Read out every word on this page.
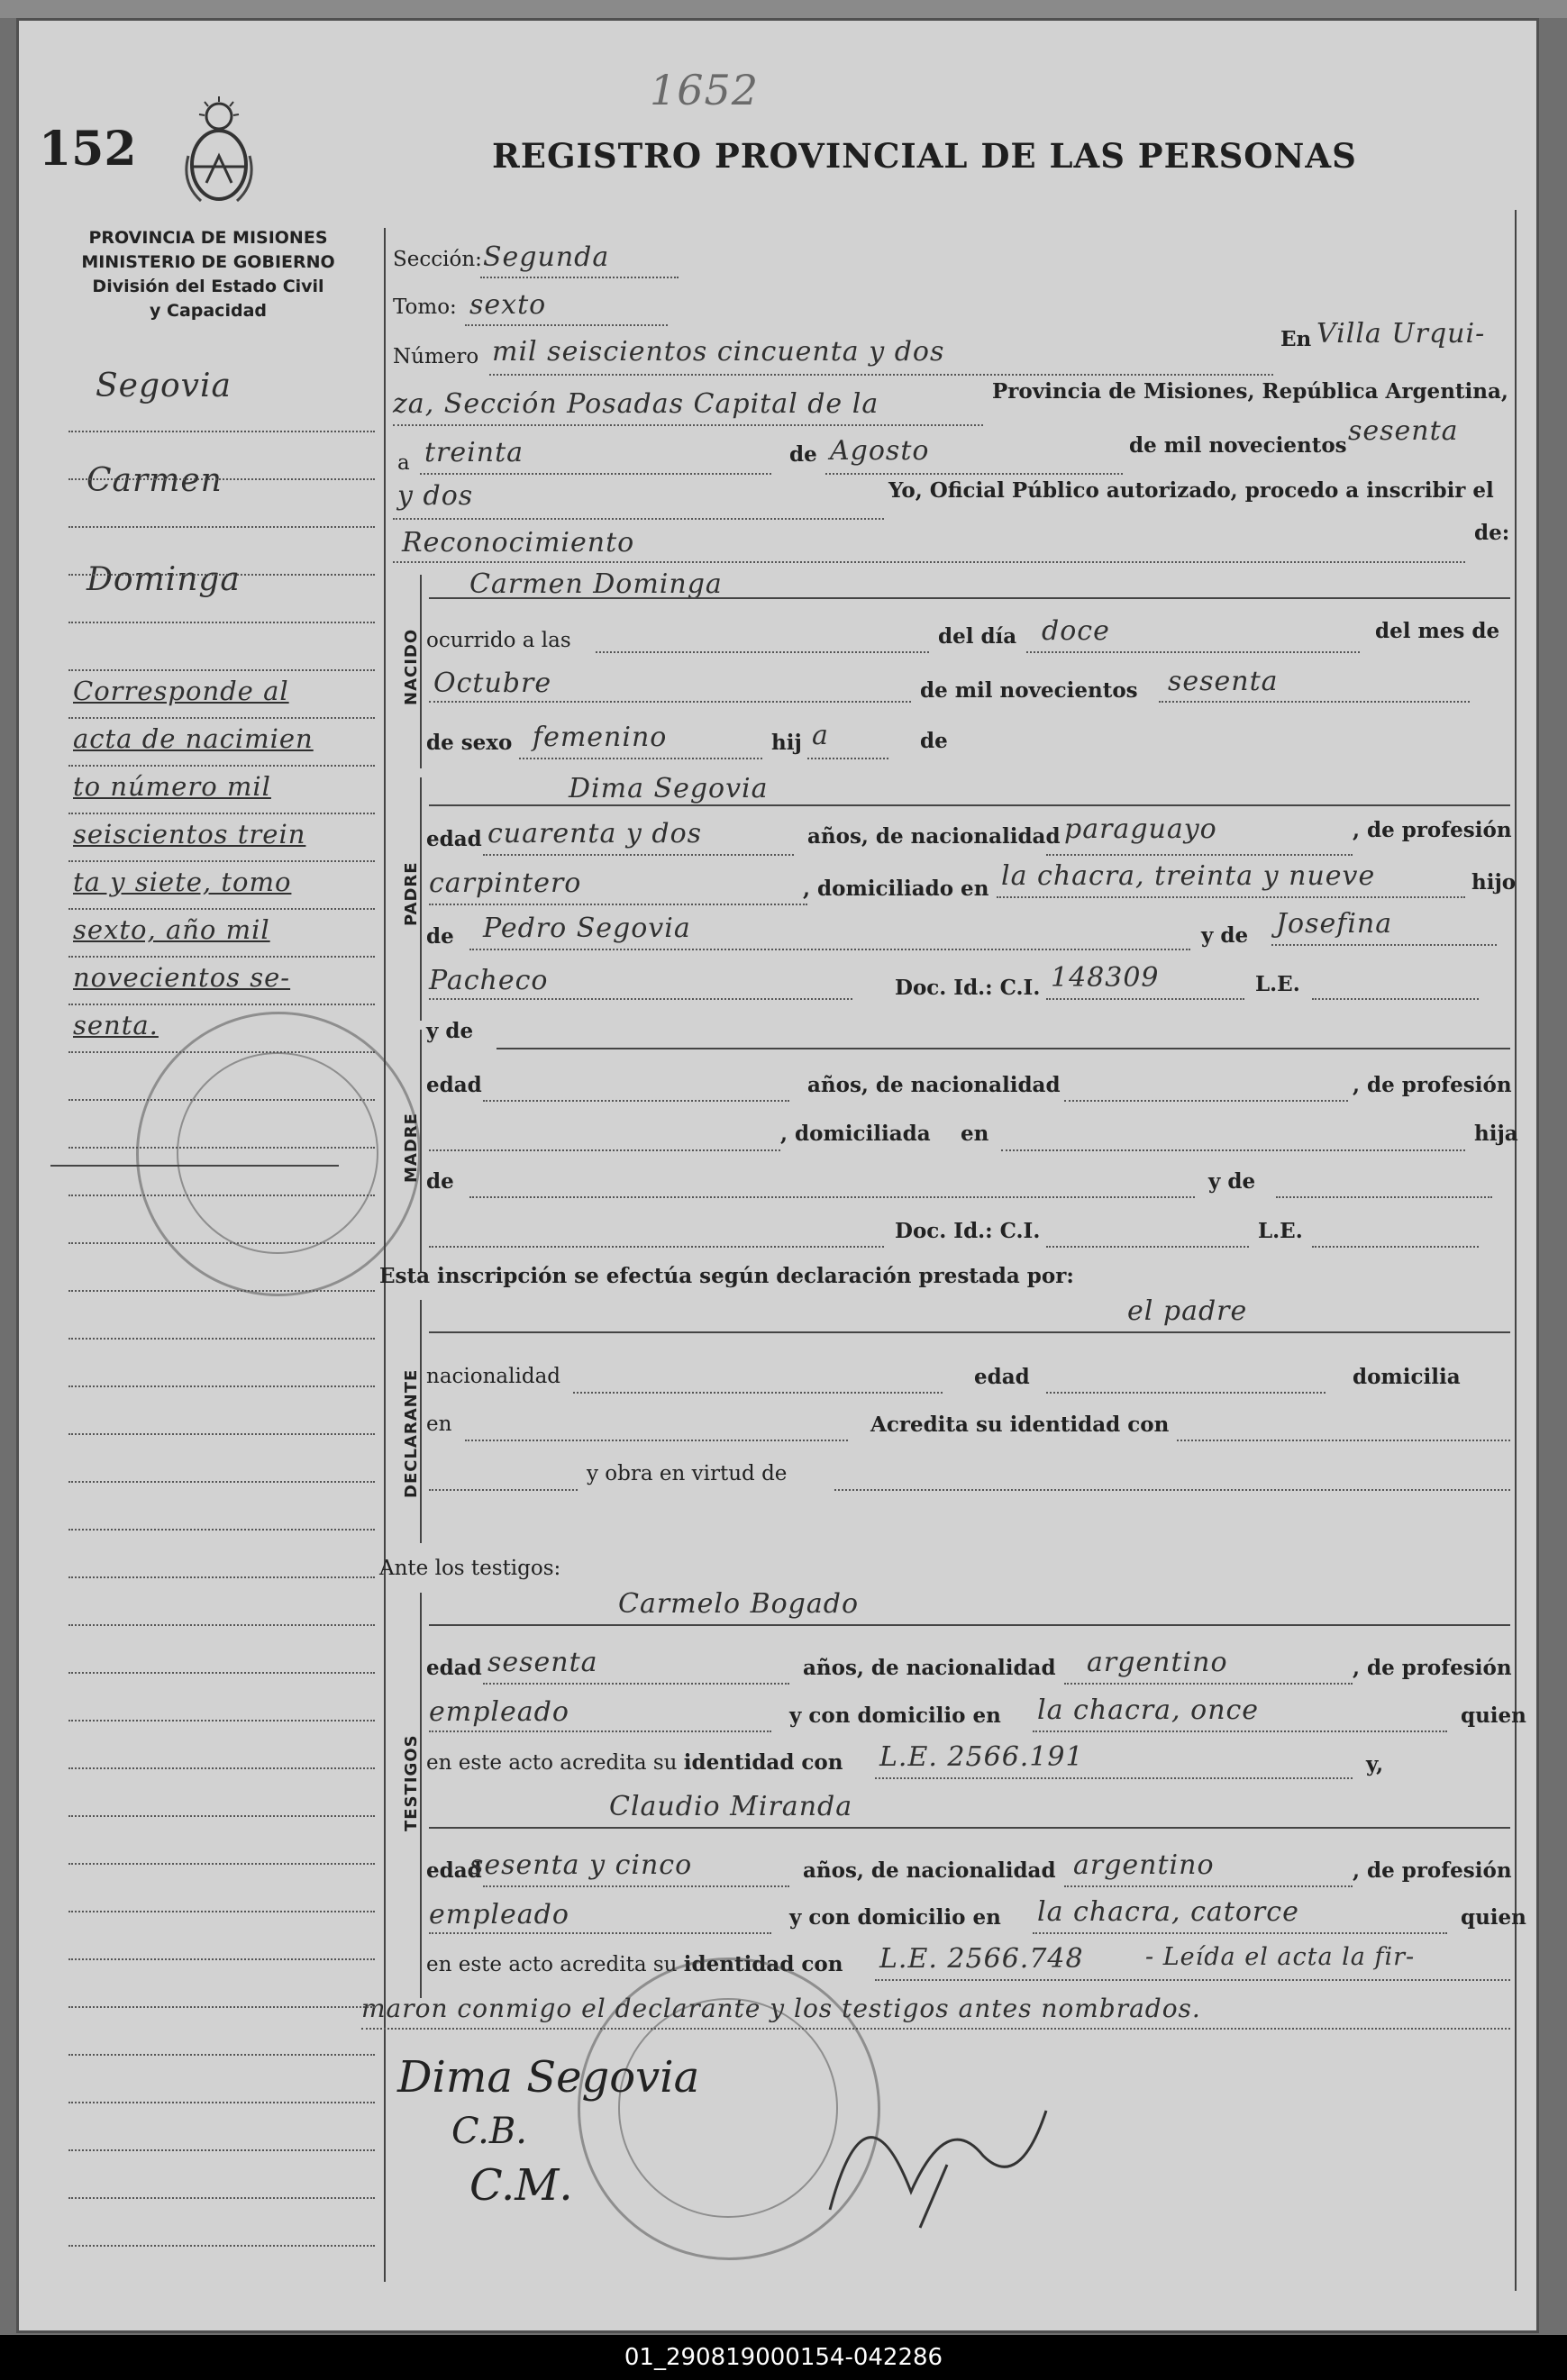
1652
152	REGISTRO PROVINCIAL DE LAS PERSONAS
PROVINCIA DE MISIONES
MINISTERIO DE GOBIERNO
División del Estado Civil
y Capacidad
Segovia
Carmen
Dominga
Corresponde al
acta de nacimien
to número mil
seiscientos trein
ta y siete, tomo
sexto, año mil
novecientos se-
senta.
Sección: Segunda
Tomo: sexto
Número mil seiscientos cincuenta y dos	En Villa Urqui-
za, Sección Posadas Capital de la	Provincia de Misiones, República Argentina,
a treinta	de Agosto	de mil novecientos sesenta
y dos	Yo, Oficial Público autorizado, procedo a inscribir el
Reconocimiento	de:
NACIDO
Carmen Dominga
ocurrido a las	del día doce	del mes de
Octubre	de mil novecientos sesenta
de sexo femenino	hij a	de
PADRE
Dima Segovia
edad cuarenta y dos	años, de nacionalidad paraguayo	, de profesión
carpintero	, domiciliado en la chacra, treinta y nueve	hijo
de Pedro Segovia	y de Josefina
Pacheco	Doc. Id.: C.I. 148309	L.E.
MADRE
y de
edad	años, de nacionalidad	, de profesión
, domiciliada en	hija
de	y de
Doc. Id.: C.I.	L.E.
Esta inscripción se efectúa según declaración prestada por:
DECLARANTE
el padre
nacionalidad	edad	domicilia
en	Acredita su identidad con
y obra en virtud de
Ante los testigos:
TESTIGOS
Carmelo Bogado
edad sesenta	años, de nacionalidad argentino	, de profesión
empleado	y con domicilio en la chacra, once	quien
en este acto acredita su identidad con L.E. 2566.191	y,
Claudio Miranda
edad
sesenta y cinco	años, de nacionalidad argentino	, de profesión
empleado	y con domicilio en la chacra, catorce	quien
en este acto acredita su identidad con L.E. 2566.748	- Leída el acta la fir-
maron conmigo el declarante y los testigos antes nombrados.
Dima Segovia
C.B.
C.M.
01_290819000154-042286
